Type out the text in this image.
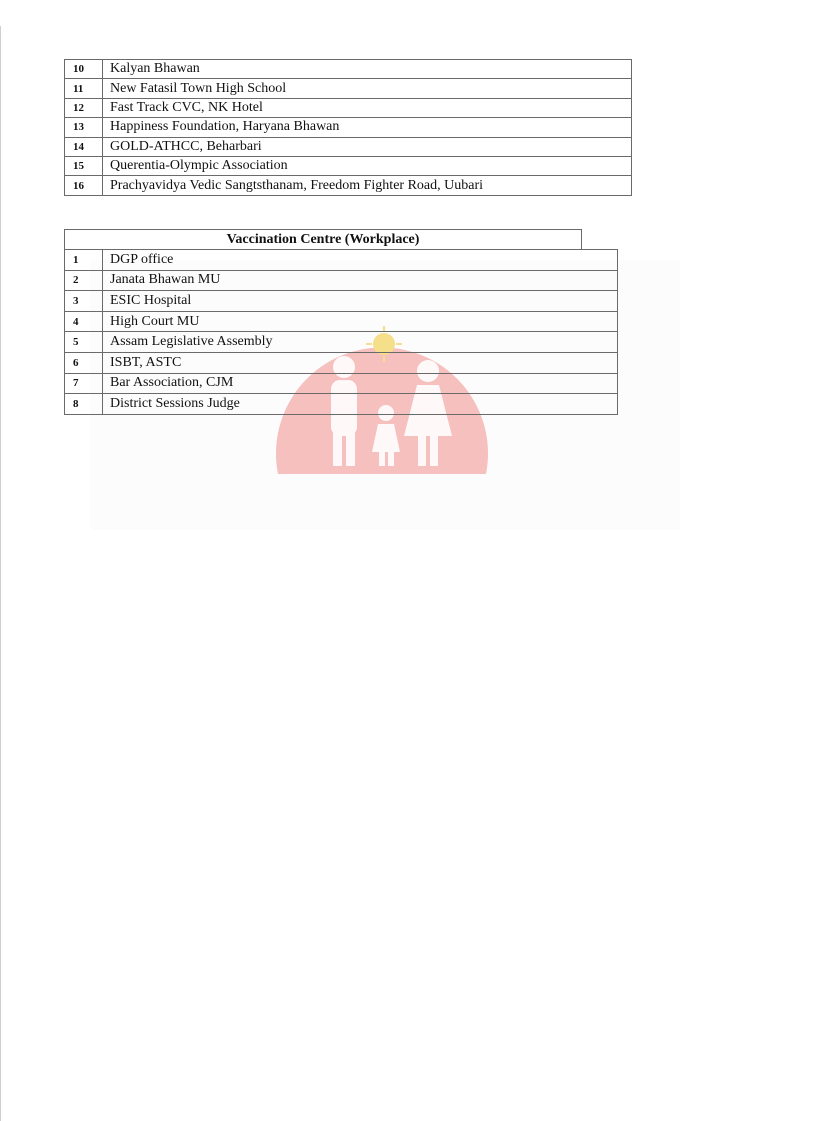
10	Kalyan Bhawan
11	New Fatasil Town High School
12	Fast Track CVC, NK Hotel
13	Happiness Foundation, Haryana Bhawan
14	GOLD-ATHCC, Beharbari
15	Querentia-Olympic Association
16	Prachyavidya Vedic Sangtsthanam, Freedom Fighter Road, Uubari
Vaccination Centre (Workplace)
1	DGP office
2	Janata Bhawan MU
3	ESIC Hospital
4	High Court MU
5	Assam Legislative Assembly
6	ISBT, ASTC
7	Bar Association, CJM
8	District Sessions Judge
